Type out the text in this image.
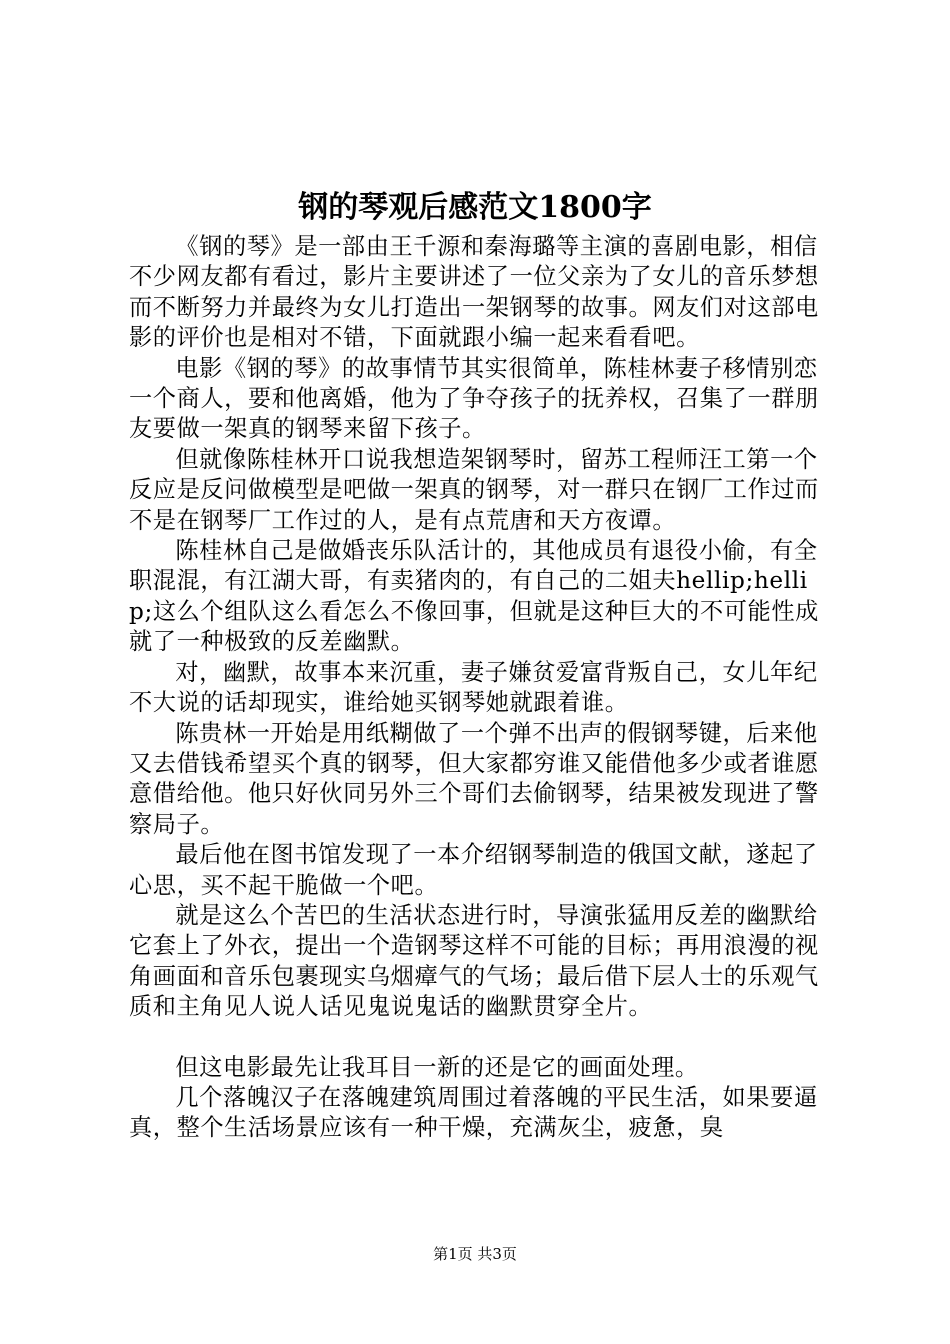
钢的琴观后感范文1800字

《钢的琴》是一部由王千源和秦海璐等主演的喜剧电影，相信不少网友都有看过，影片主要讲述了一位父亲为了女儿的音乐梦想而不断努力并最终为女儿打造出一架钢琴的故事。网友们对这部电影的评价也是相对不错，下面就跟小编一起来看看吧。

电影《钢的琴》的故事情节其实很简单，陈桂林妻子移情别恋一个商人，要和他离婚，他为了争夺孩子的抚养权，召集了一群朋友要做一架真的钢琴来留下孩子。

但就像陈桂林开口说我想造架钢琴时，留苏工程师汪工第一个反应是反问做模型是吧做一架真的钢琴，对一群只在钢厂工作过而不是在钢琴厂工作过的人，是有点荒唐和天方夜谭。

陈桂林自己是做婚丧乐队活计的，其他成员有退役小偷，有全职混混，有江湖大哥，有卖猪肉的，有自己的二姐夫hellip;hellip;这么个组队这么看怎么不像回事，但就是这种巨大的不可能性成就了一种极致的反差幽默。

对，幽默，故事本来沉重，妻子嫌贫爱富背叛自己，女儿年纪不大说的话却现实，谁给她买钢琴她就跟着谁。

陈贵林一开始是用纸糊做了一个弹不出声的假钢琴键，后来他又去借钱希望买个真的钢琴，但大家都穷谁又能借他多少或者谁愿意借给他。他只好伙同另外三个哥们去偷钢琴，结果被发现进了警察局子。

最后他在图书馆发现了一本介绍钢琴制造的俄国文献，遂起了心思，买不起干脆做一个吧。

就是这么个苦巴的生活状态进行时，导演张猛用反差的幽默给它套上了外衣，提出一个造钢琴这样不可能的目标；再用浪漫的视角画面和音乐包裹现实乌烟瘴气的气场；最后借下层人士的乐观气质和主角见人说人话见鬼说鬼话的幽默贯穿全片。

但这电影最先让我耳目一新的还是它的画面处理。

几个落魄汉子在落魄建筑周围过着落魄的平民生活，如果要逼真，整个生活场景应该有一种干燥，充满灰尘，疲惫，臭

第1页 共3页
